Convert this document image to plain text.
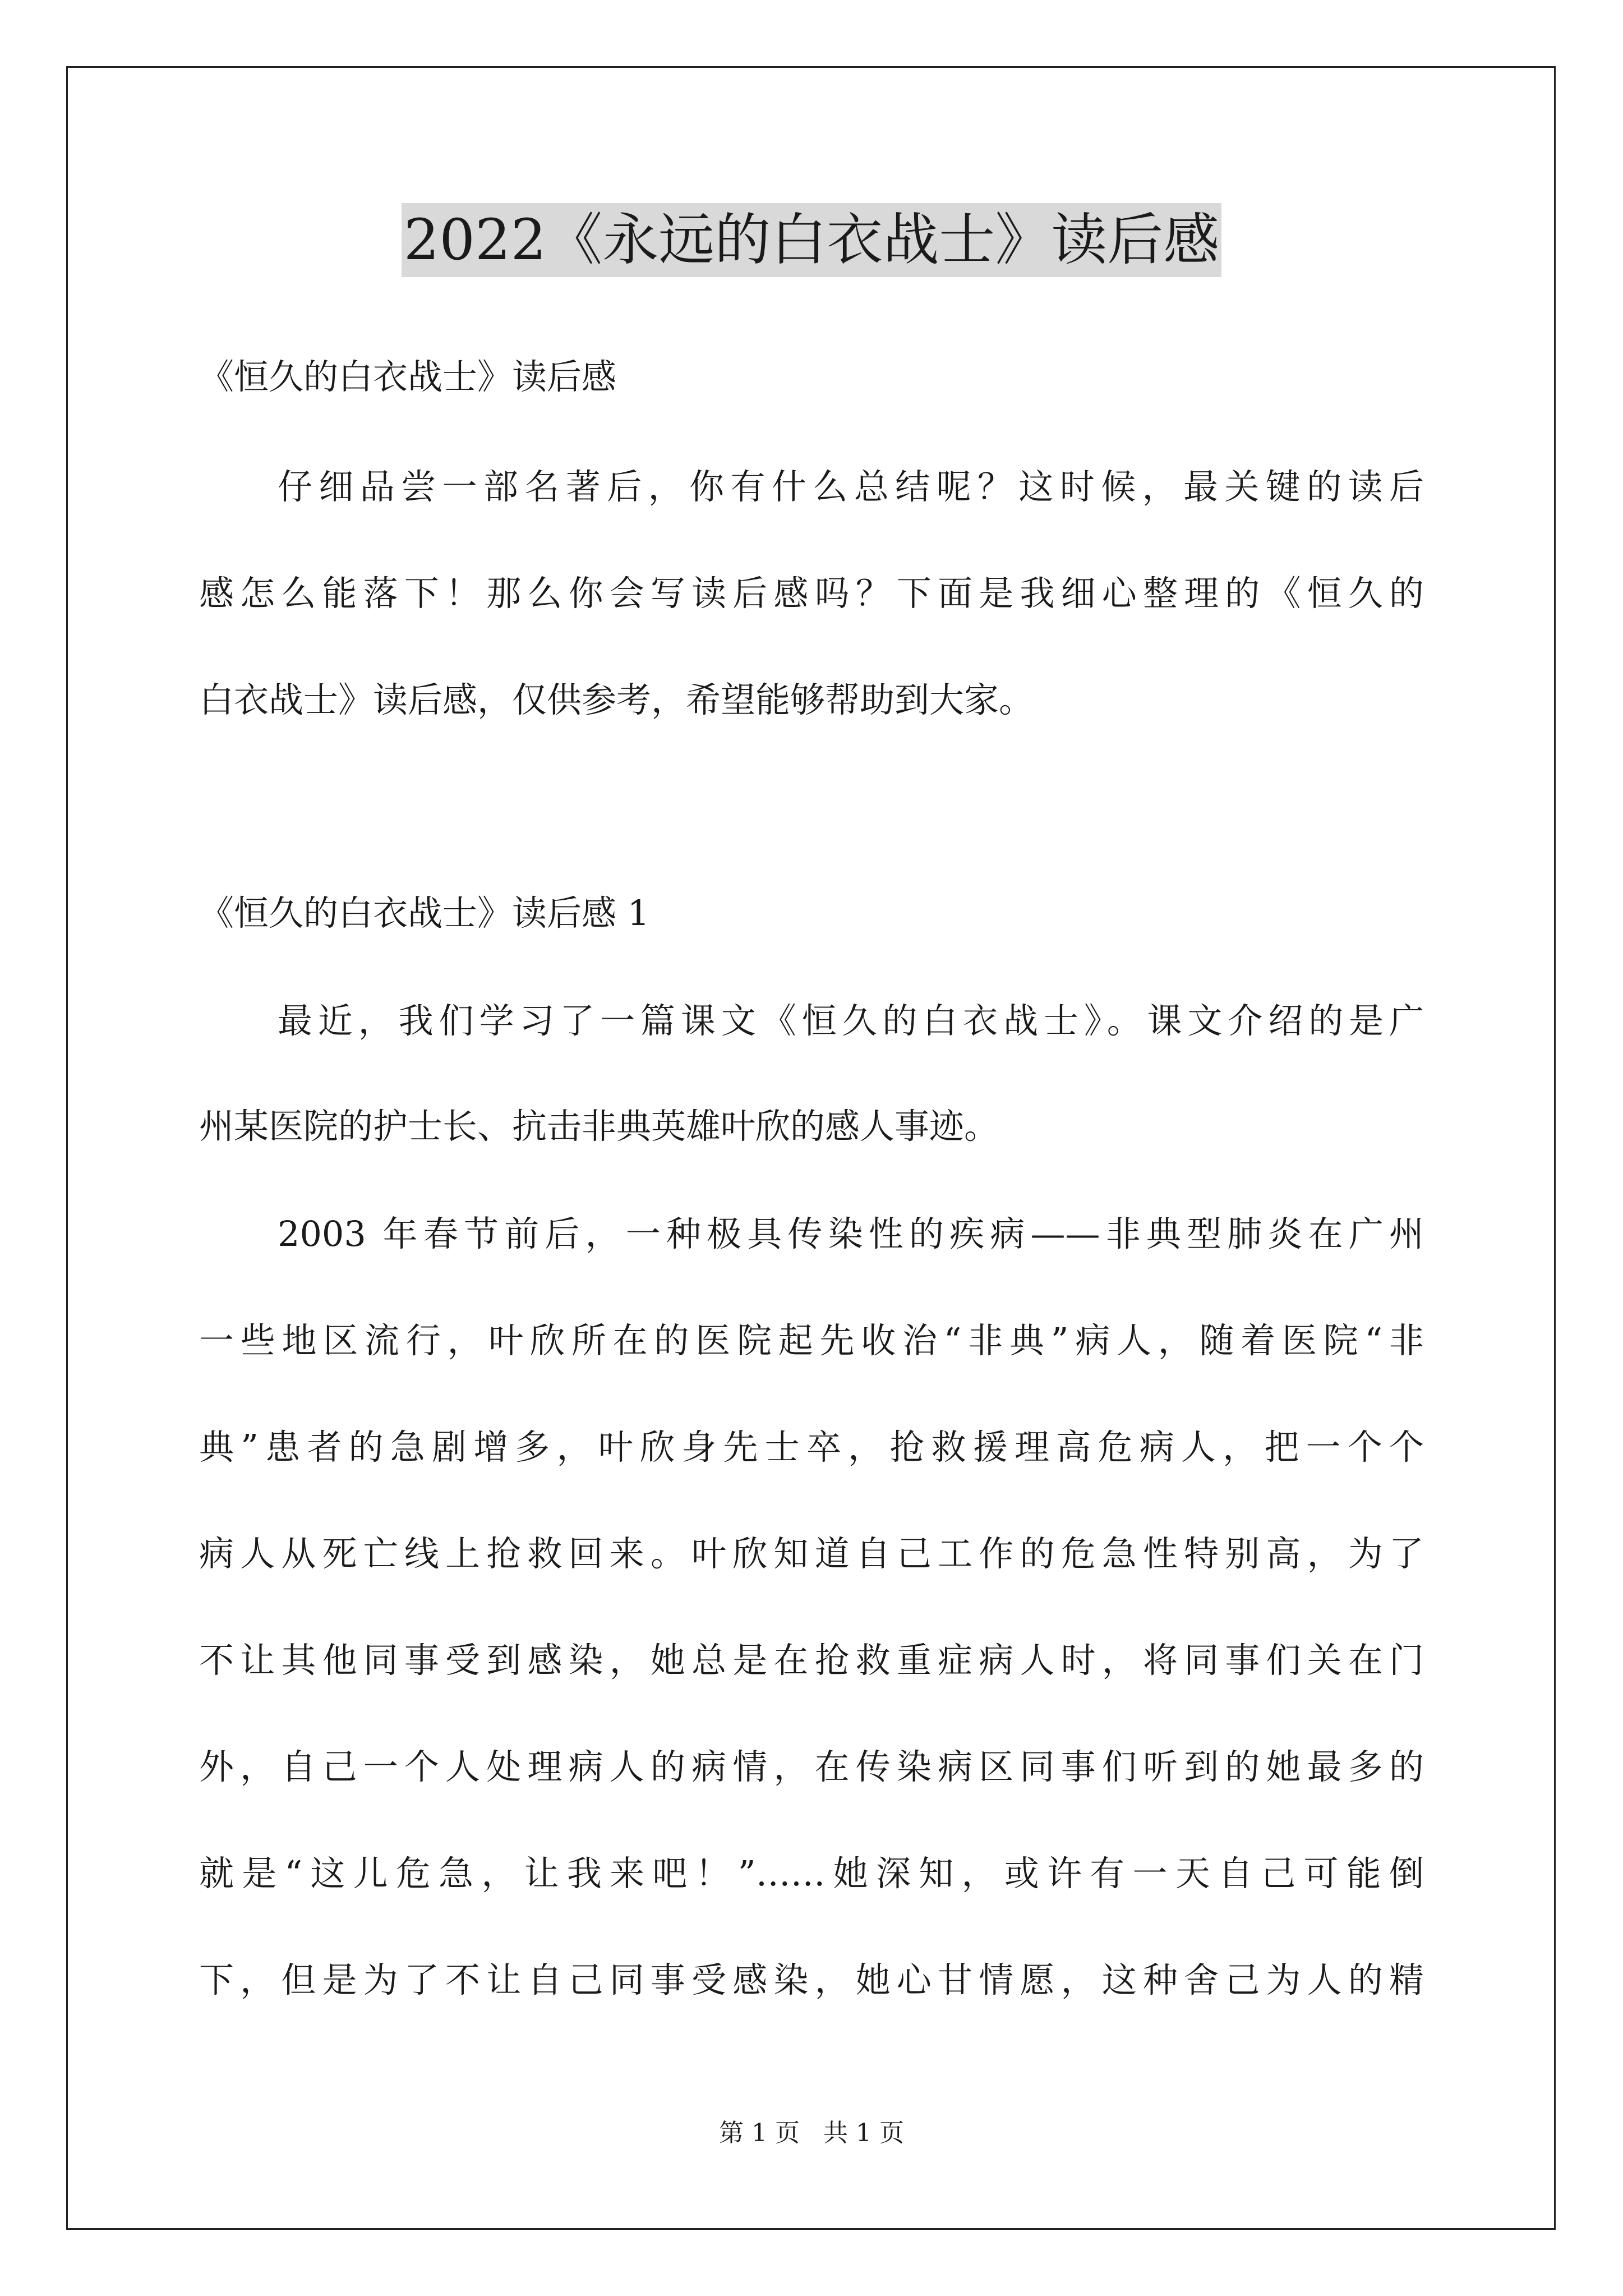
2022《永远的白衣战士》读后感
《恒久的白衣战士》读后感
仔细品尝一部名著后，你有什么总结呢？这时候，最关键的读后
感怎么能落下！那么你会写读后感吗？下面是我细心整理的《恒久的
白衣战士》读后感，仅供参考，希望能够帮助到大家。
《恒久的白衣战士》读后感 1
最近，我们学习了一篇课文《恒久的白衣战士》。课文介绍的是广
州某医院的护士长、抗击非典英雄叶欣的感人事迹。
2003 年春节前后，一种极具传染性的疾病——非典型肺炎在广州
一些地区流行，叶欣所在的医院起先收治“非典”病人，随着医院“非
典”患者的急剧增多，叶欣身先士卒，抢救援理高危病人，把一个个
病人从死亡线上抢救回来。叶欣知道自己工作的危急性特别高，为了
不让其他同事受到感染，她总是在抢救重症病人时，将同事们关在门
外，自己一个人处理病人的病情，在传染病区同事们听到的她最多的
就是“这儿危急，让我来吧！”……她深知，或许有一天自己可能倒
下，但是为了不让自己同事受感染，她心甘情愿，这种舍己为人的精
第 1 页   共 1 页
